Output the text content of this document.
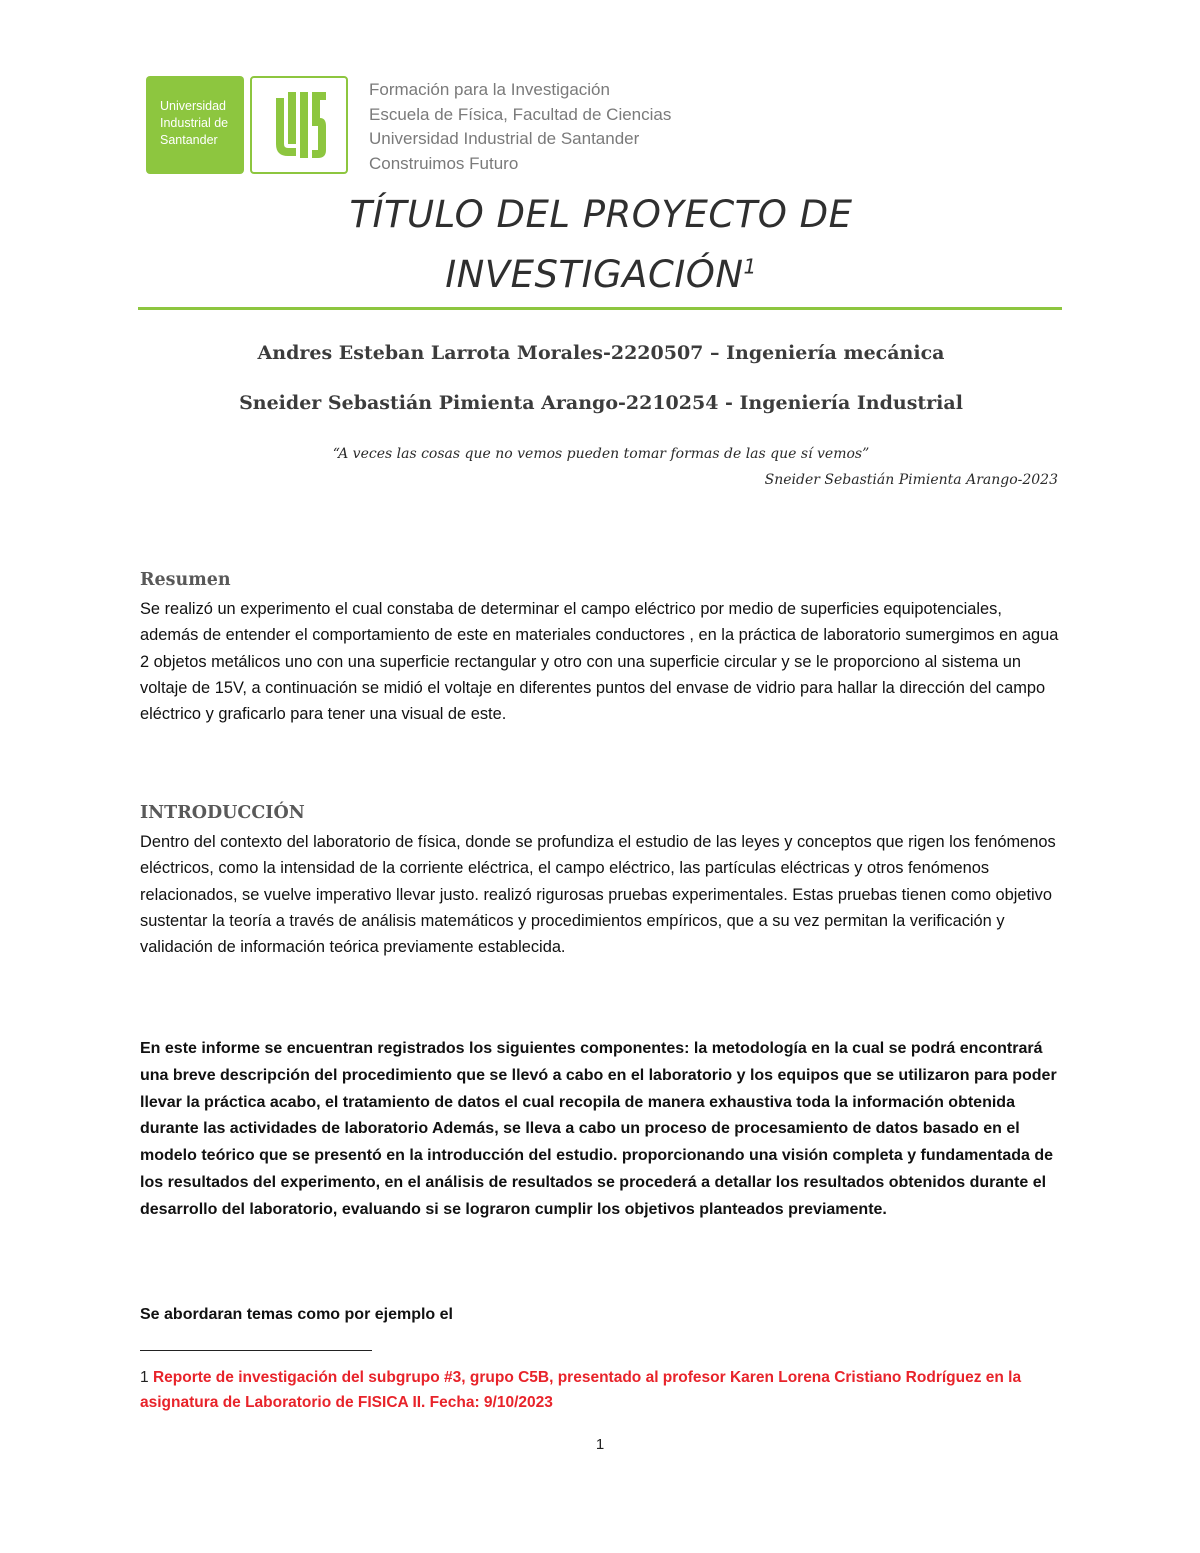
Universidad
Industrial de
Santander
Formación para la Investigación
Escuela de Física, Facultad de Ciencias
Universidad Industrial de Santander
Construimos Futuro
TÍTULO DEL PROYECTO DE
INVESTIGACIÓN$^1$
Andres Esteban Larrota Morales-2220507 – Ingeniería mecánica
Sneider Sebastián Pimienta Arango-2210254 - Ingeniería Industrial
“A veces las cosas que no vemos pueden tomar formas de las que sí vemos”
Sneider Sebastián Pimienta Arango-2023
Resumen
Se realizó un experimento el cual constaba de determinar el campo eléctrico por medio de superficies equipotenciales, además de entender el comportamiento de este en materiales conductores , en la práctica de laboratorio sumergimos en agua 2 objetos metálicos uno con una superficie rectangular y otro con una superficie circular y se le proporciono al sistema un voltaje de 15V, a continuación se midió el voltaje en diferentes puntos del envase de vidrio para hallar la dirección del campo eléctrico y graficarlo para tener una visual de este.
INTRODUCCIÓN
Dentro del contexto del laboratorio de física, donde se profundiza el estudio de las leyes y conceptos que rigen los fenómenos eléctricos, como la intensidad de la corriente eléctrica, el campo eléctrico, las partículas eléctricas y otros fenómenos relacionados, se vuelve imperativo llevar justo. realizó rigurosas pruebas experimentales. Estas pruebas tienen como objetivo sustentar la teoría a través de análisis matemáticos y procedimientos empíricos, que a su vez permitan la verificación y validación de información teórica previamente establecida.
En este informe se encuentran registrados los siguientes componentes: la metodología en la cual se podrá encontrará una breve descripción del procedimiento que se llevó a cabo en el laboratorio y los equipos que se utilizaron para poder llevar la práctica acabo, el tratamiento de datos el cual recopila de manera exhaustiva toda la información obtenida durante las actividades de laboratorio Además, se lleva a cabo un proceso de procesamiento de datos basado en el modelo teórico que se presentó en la introducción del estudio. proporcionando una visión completa y fundamentada de los resultados del experimento, en el análisis de resultados se procederá a detallar los resultados obtenidos durante el desarrollo del laboratorio, evaluando si se lograron cumplir los objetivos planteados previamente.
Se abordaran temas como por ejemplo el
1 Reporte de investigación del subgrupo #3, grupo C5B, presentado al profesor Karen Lorena Cristiano Rodríguez en la asignatura de Laboratorio de FISICA II. Fecha: 9/10/2023
1
